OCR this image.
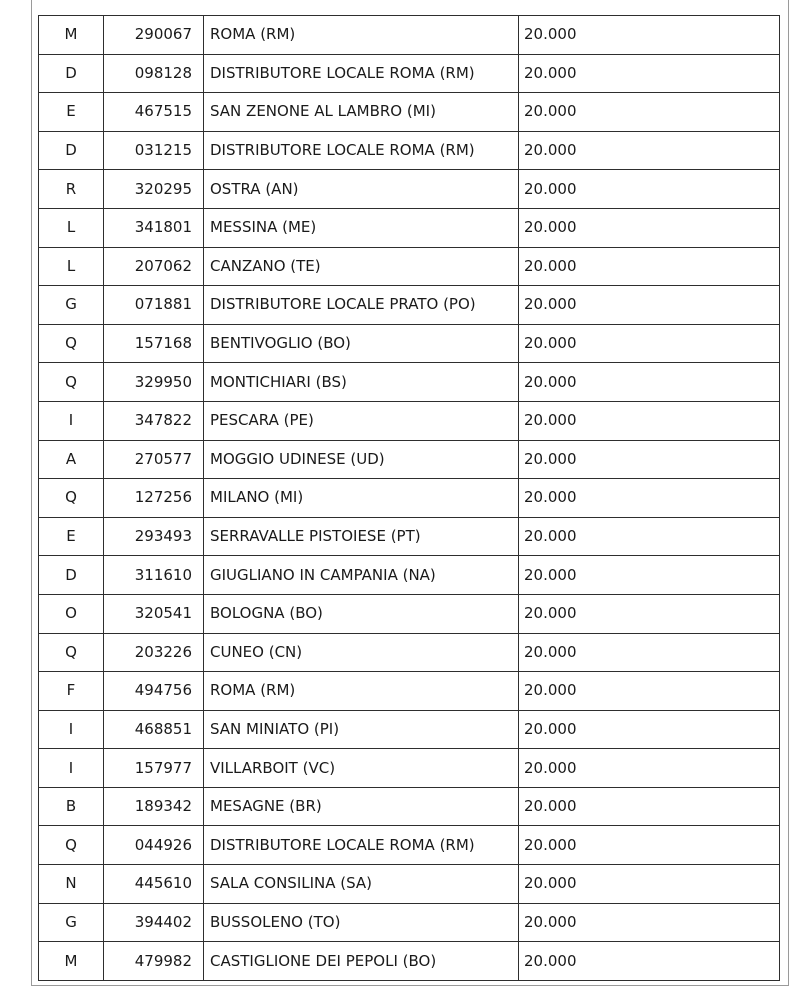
M	290067	ROMA (RM)	20.000
D	098128	DISTRIBUTORE LOCALE ROMA (RM)	20.000
E	467515	SAN ZENONE AL LAMBRO (MI)	20.000
D	031215	DISTRIBUTORE LOCALE ROMA (RM)	20.000
R	320295	OSTRA (AN)	20.000
L	341801	MESSINA (ME)	20.000
L	207062	CANZANO (TE)	20.000
G	071881	DISTRIBUTORE LOCALE PRATO (PO)	20.000
Q	157168	BENTIVOGLIO (BO)	20.000
Q	329950	MONTICHIARI (BS)	20.000
I	347822	PESCARA (PE)	20.000
A	270577	MOGGIO UDINESE (UD)	20.000
Q	127256	MILANO (MI)	20.000
E	293493	SERRAVALLE PISTOIESE (PT)	20.000
D	311610	GIUGLIANO IN CAMPANIA (NA)	20.000
O	320541	BOLOGNA (BO)	20.000
Q	203226	CUNEO (CN)	20.000
F	494756	ROMA (RM)	20.000
I	468851	SAN MINIATO (PI)	20.000
I	157977	VILLARBOIT (VC)	20.000
B	189342	MESAGNE (BR)	20.000
Q	044926	DISTRIBUTORE LOCALE ROMA (RM)	20.000
N	445610	SALA CONSILINA (SA)	20.000
G	394402	BUSSOLENO (TO)	20.000
M	479982	CASTIGLIONE DEI PEPOLI (BO)	20.000
